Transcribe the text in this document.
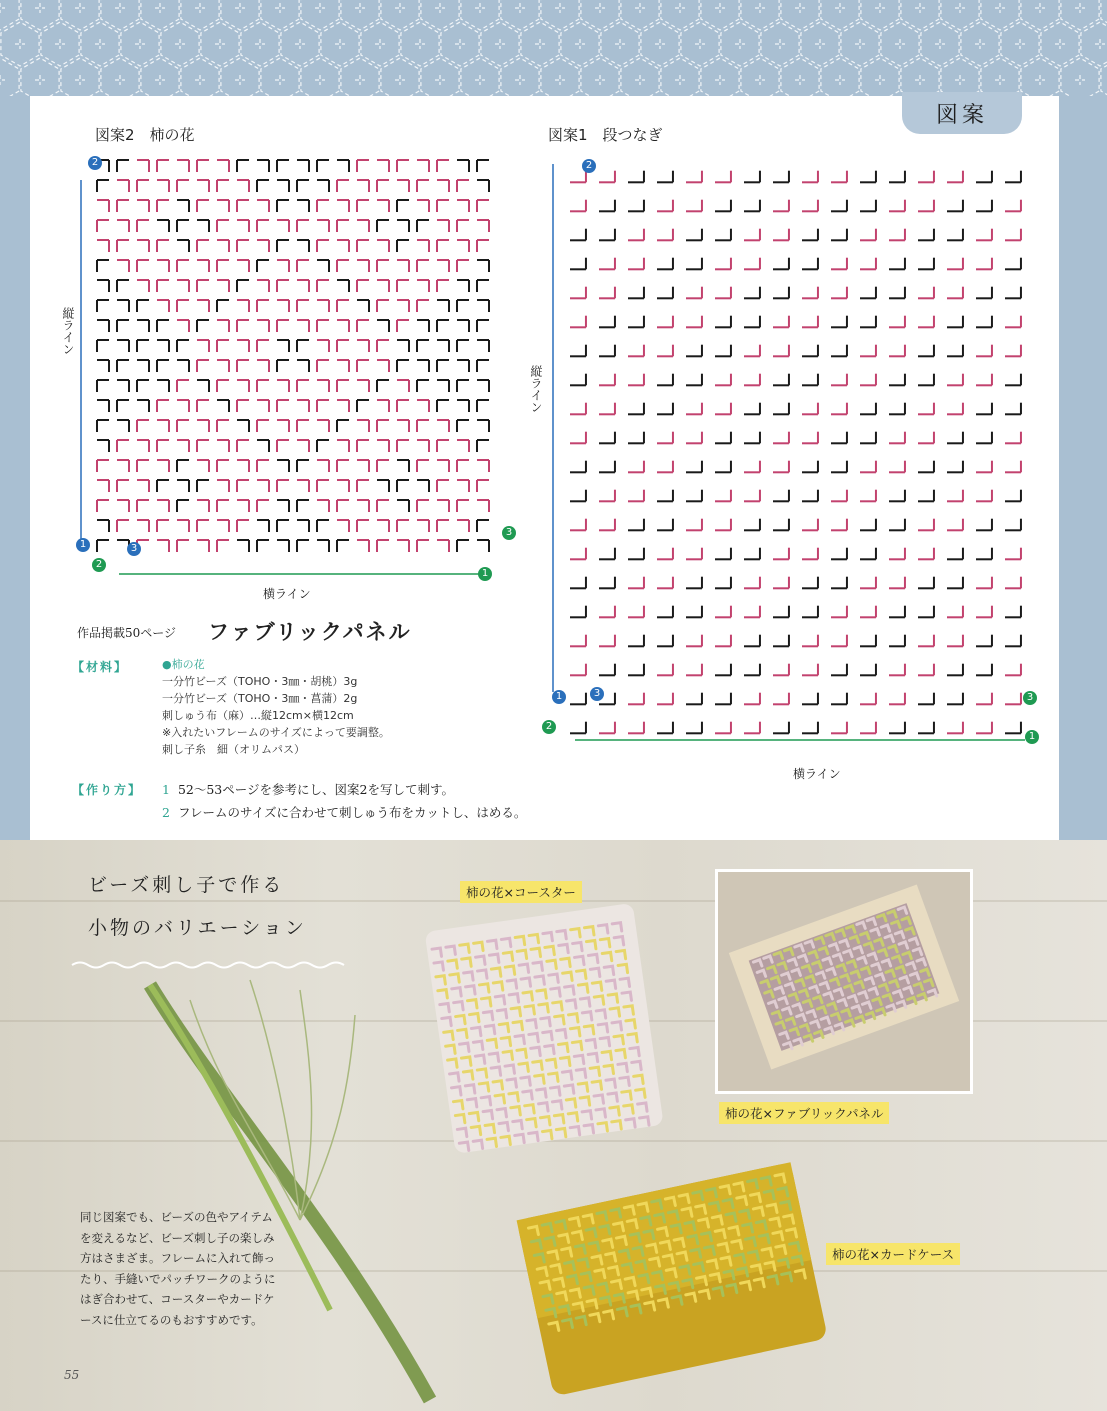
図案
図案2　柿の花
縦ライン
横ライン
2
1
2
3
3
1
図案1　段つなぎ
縦ライン
横ライン
2
1
2
3	3
1
作品掲載50ページ ファブリックパネル
【材料】	●柿の花
一分竹ビーズ（TOHO・3㎜・胡桃）3g
一分竹ビーズ（TOHO・3㎜・菖蒲）2g
刺しゅう布（麻）…縦12cm×横12cm
※入れたいフレームのサイズによって要調整。
刺し子糸　細（オリムパス）
【作り方】 1 52～53ページを参考にし、図案2を写して刺す。
2 フレームのサイズに合わせて刺しゅう布をカットし、はめる。
ビーズ刺し子で作る
小物のバリエーション
柿の花×コースター
柿の花×ファブリックパネル
柿の花×カードケース
同じ図案でも、ビーズの色やアイテムを変えるなど、ビーズ刺し子の楽しみ方はさまざま。フレームに入れて飾ったり、手縫いでパッチワークのようにはぎ合わせて、コースターやカードケースに仕立てるのもおすすめです。
55
